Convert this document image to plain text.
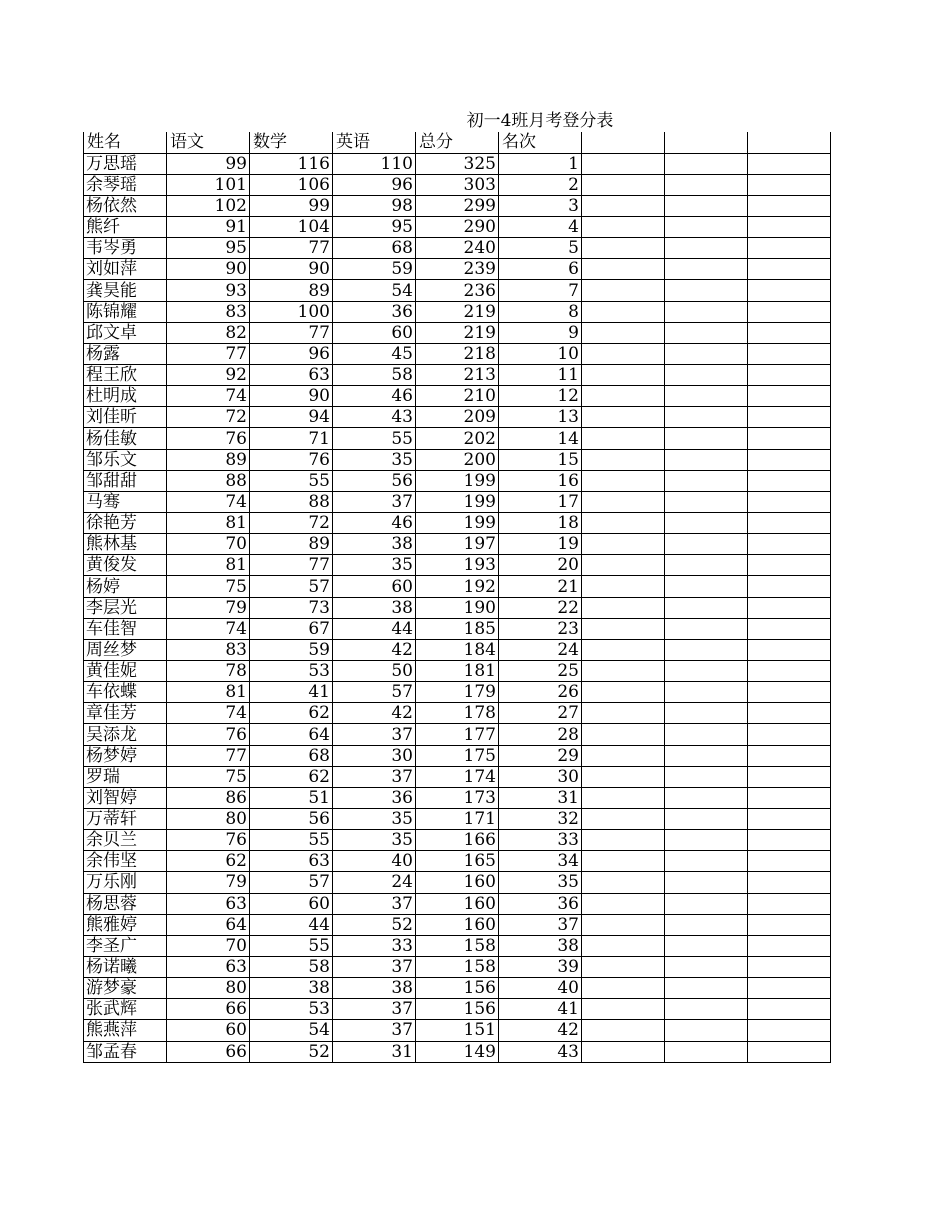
初一4班月考登分表
姓名	语文	数学	英语	总分	名次			
万思瑶	99	116	110	325	1			
余琴瑶	101	106	96	303	2			
杨依然	102	99	98	299	3			
熊纤	91	104	95	290	4			
韦岑勇	95	77	68	240	5			
刘如萍	90	90	59	239	6			
龚昊能	93	89	54	236	7			
陈锦耀	83	100	36	219	8			
邱文卓	82	77	60	219	9			
杨露	77	96	45	218	10			
程王欣	92	63	58	213	11			
杜明成	74	90	46	210	12			
刘佳昕	72	94	43	209	13			
杨佳敏	76	71	55	202	14			
邹乐文	89	76	35	200	15			
邹甜甜	88	55	56	199	16			
马骞	74	88	37	199	17			
徐艳芳	81	72	46	199	18			
熊林基	70	89	38	197	19			
黄俊发	81	77	35	193	20			
杨婷	75	57	60	192	21			
李层光	79	73	38	190	22			
车佳智	74	67	44	185	23			
周丝梦	83	59	42	184	24			
黄佳妮	78	53	50	181	25			
车依蝶	81	41	57	179	26			
章佳芳	74	62	42	178	27			
吴添龙	76	64	37	177	28			
杨梦婷	77	68	30	175	29			
罗瑞	75	62	37	174	30			
刘智婷	86	51	36	173	31			
万蒂轩	80	56	35	171	32			
余贝兰	76	55	35	166	33			
余伟坚	62	63	40	165	34			
万乐刚	79	57	24	160	35			
杨思蓉	63	60	37	160	36			
熊雅婷	64	44	52	160	37			
李圣广	70	55	33	158	38			
杨诺曦	63	58	37	158	39			
游梦豪	80	38	38	156	40			
张武辉	66	53	37	156	41			
熊燕萍	60	54	37	151	42			
邹孟春	66	52	31	149	43			
